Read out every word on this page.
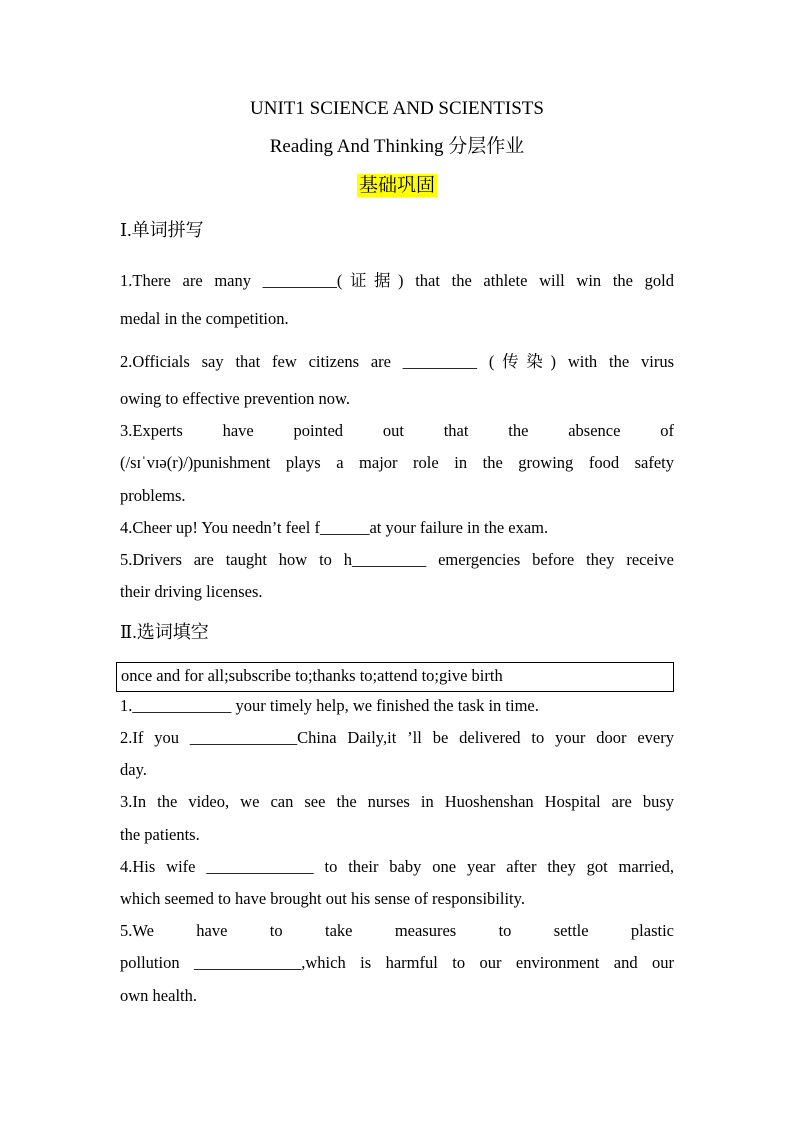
UNIT1 SCIENCE AND SCIENTISTS
Reading And Thinking 分层作业
基础巩固
Ⅰ.单词拼写
1.There are many _________(证据) that the athlete will win the gold
medal in the competition.
2.Officials say that few citizens are _________ (传染) with the virus
owing to effective prevention now.
3.Experts have pointed out that the absence of
(/sɪˈvɪə(r)/)punishment plays a major role in the growing food safety
problems.
4.Cheer up! You needn’t feel f______at your failure in the exam.
5.Drivers are taught how to h_________ emergencies before they receive
their driving licenses.
Ⅱ.选词填空
once and for all;subscribe to;thanks to;attend to;give birth
1.____________ your timely help, we finished the task in time.
2.If you _____________China Daily,it ’ll be delivered to your door every
day.
3.In the video, we can see the nurses in Huoshenshan Hospital are busy
the patients.
4.His wife _____________ to their baby one year after they got married,
which seemed to have brought out his sense of responsibility.
5.We have to take measures to settle plastic
pollution _____________,which is harmful to our environment and our
own health.
